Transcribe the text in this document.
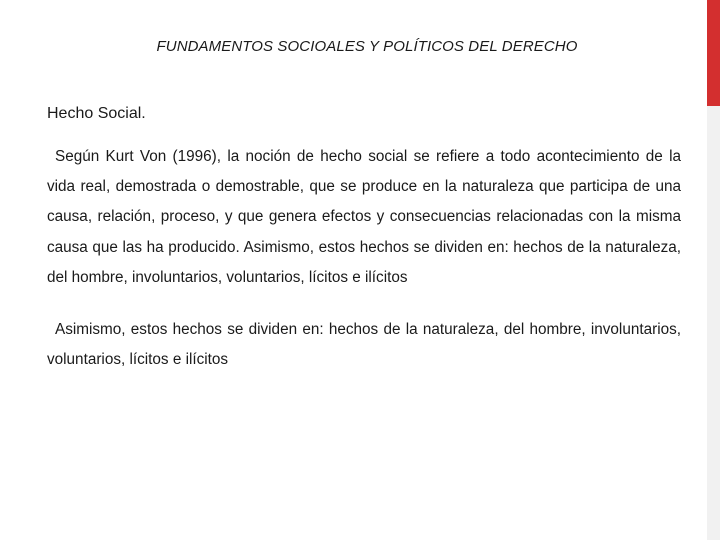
FUNDAMENTOS SOCIOALES Y POLÍTICOS DEL DERECHO
Hecho Social.

Según Kurt Von (1996), la noción de hecho social se refiere a todo acontecimiento de la vida real, demostrada o demostrable, que se produce en la naturaleza que participa de una causa, relación, proceso, y que genera efectos y consecuencias relacionadas con la misma causa que las ha producido. Asimismo, estos hechos se dividen en: hechos de la naturaleza, del hombre, involuntarios, voluntarios, lícitos e ilícitos

Asimismo, estos hechos se dividen en: hechos de la naturaleza, del hombre, involuntarios, voluntarios, lícitos e ilícitos
